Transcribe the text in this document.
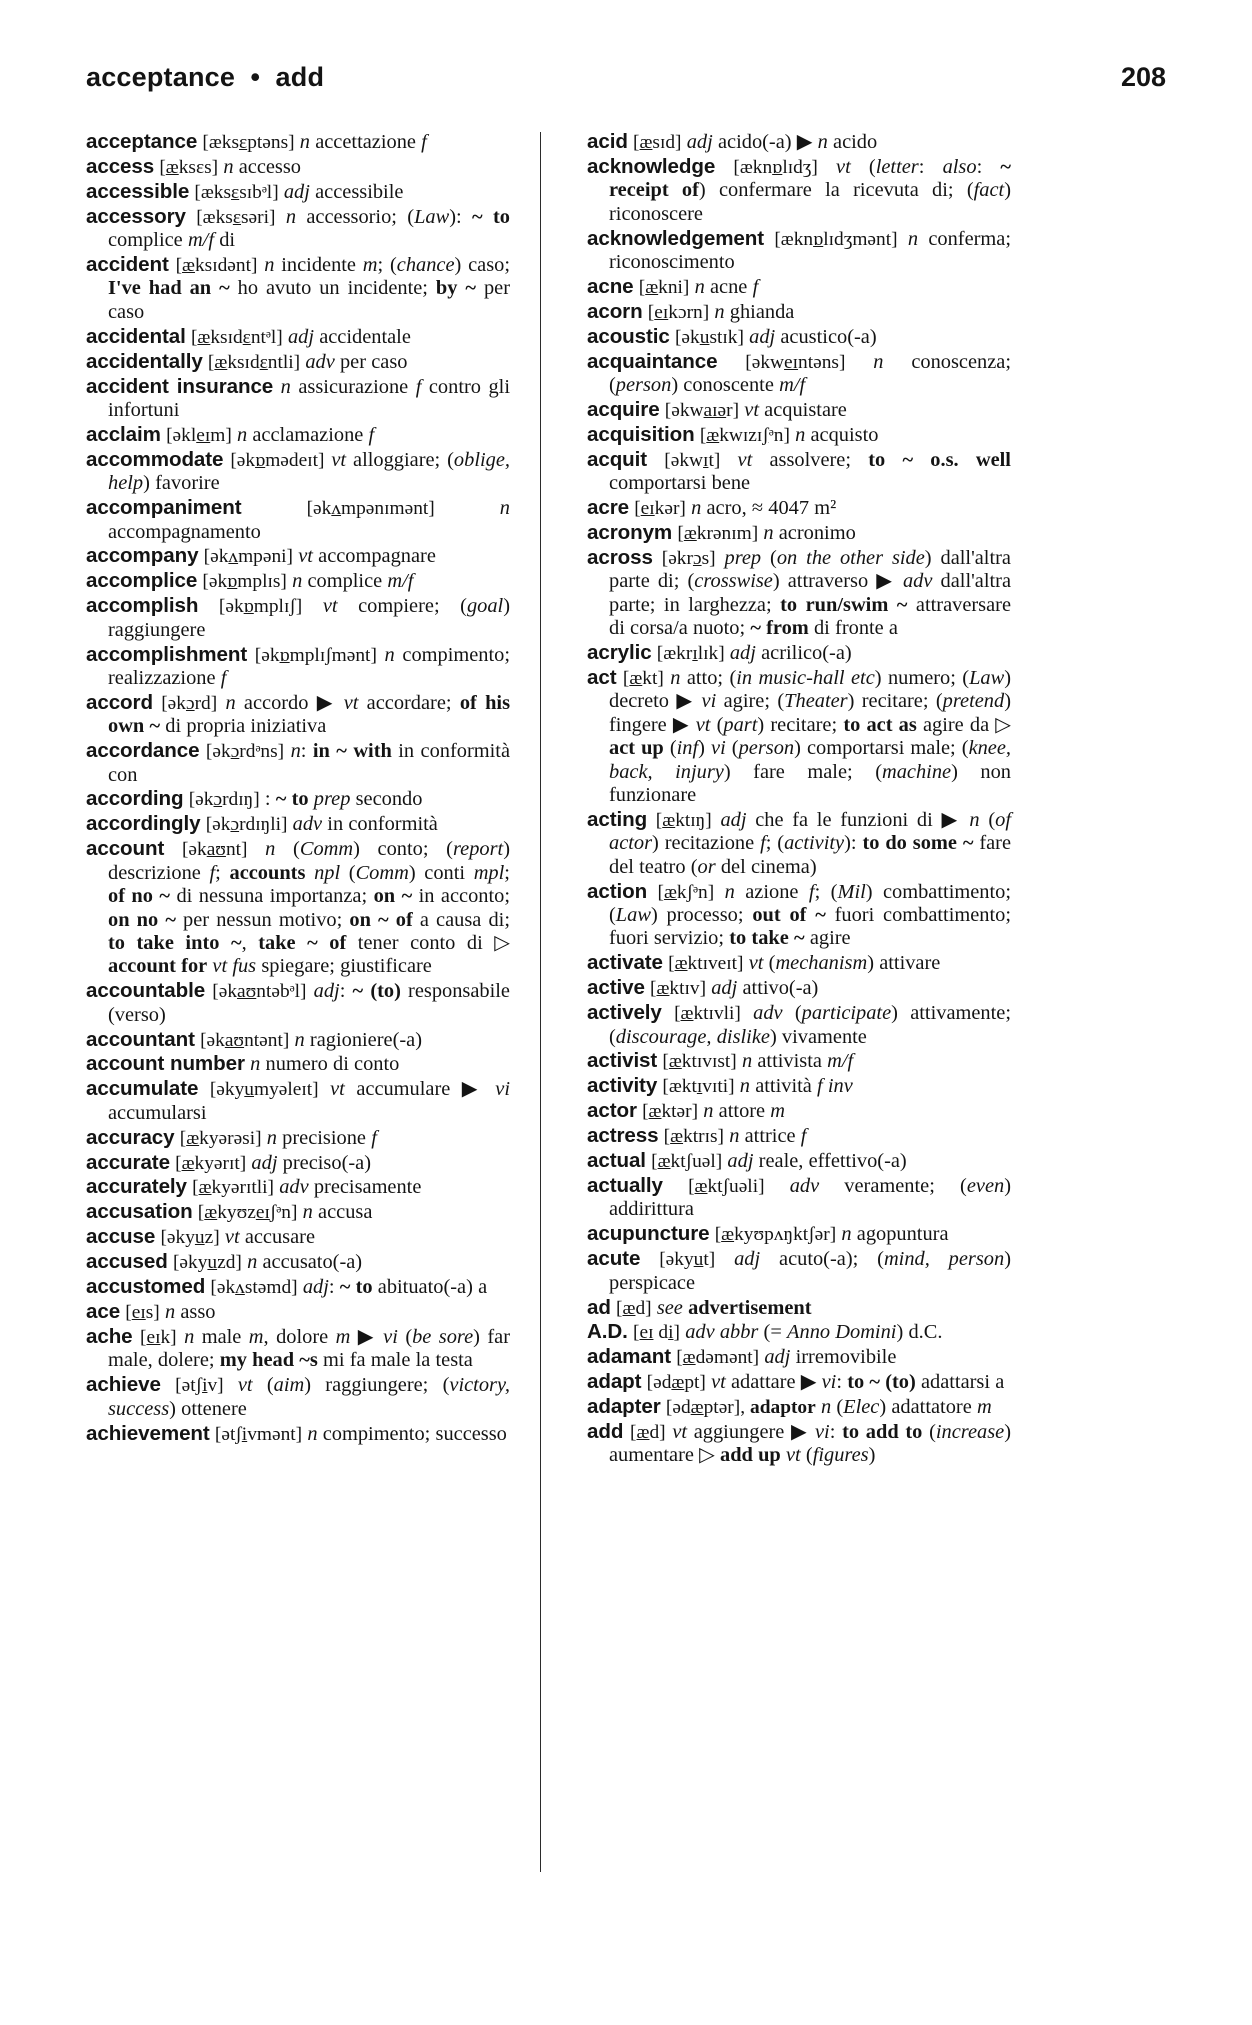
acceptance  •  add	208

acceptance [æksɛptəns] n accettazione f

access [æksɛs] n accesso

accessible [æksɛsɪbᵊl] adj accessibile

accessory [æksɛsəri] n accessorio; (Law): ~ to complice m/f di

accident [æksɪdənt] n incidente m; (chance) caso; I've had an ~ ho avuto un incidente; by ~ per caso

accidental [æksɪdɛntᵊl] adj accidentale

accidentally [æksɪdɛntli] adv per caso

accident insurance n assicurazione f contro gli infortuni

acclaim [əkleɪm] n acclamazione f

accommodate [əkɒmədeɪt] vt alloggiare; (oblige, help) favorire

accompaniment	[əkʌmpənɪmənt]	n accompagnamento

accompany [əkʌmpəni] vt accompagnare

accomplice [əkɒmplɪs] n complice m/f

accomplish [əkɒmplɪʃ] vt compiere; (goal) raggiungere

accomplishment [əkɒmplɪʃmənt] n compimento; realizzazione f

accord [əkɔrd] n accordo ▶ vt accordare; of his own ~ di propria iniziativa

accordance [əkɔrdᵊns] n: in ~ with in conformità con

according [əkɔrdɪŋ] : ~ to prep secondo

accordingly [əkɔrdɪŋli] adv in conformità

account [əkaʊnt] n (Comm) conto; (report) descrizione f; accounts npl (Comm) conti mpl; of no ~ di nessuna importanza; on ~ in acconto; on no ~ per nessun motivo; on ~ of a causa di; to take into ~, take ~ of tener conto di ▷ account for vt fus spiegare; giustificare

accountable [əkaʊntəbᵊl] adj: ~ (to) responsabile (verso)

accountant [əkaʊntənt] n ragioniere(-a)

account number n numero di conto

accumulate [əkyumyəleɪt] vt accumulare ▶ vi accumularsi

accuracy [ækyərəsi] n precisione f

accurate [ækyərɪt] adj preciso(-a)

accurately [ækyərɪtli] adv precisamente

accusation [ækyʊzeɪʃᵊn] n accusa

accuse [əkyuz] vt accusare

accused [əkyuzd] n accusato(-a)

accustomed [əkʌstəmd] adj: ~ to abituato(-a) a

ace [eɪs] n asso

ache [eɪk] n male m, dolore m ▶ vi (be sore) far male, dolere; my head ~s mi fa male la testa

achieve [ətʃiv] vt (aim) raggiungere; (victory, success) ottenere

achievement [ətʃivmənt] n compimento; successo

acid [æsɪd] adj acido(-a) ▶ n acido

acknowledge [æknɒlɪdʒ] vt (letter: also: ~ receipt of) confermare la ricevuta di; (fact) riconoscere

acknowledgement [æknɒlɪdʒmənt] n conferma; riconoscimento

acne [ækni] n acne f

acorn [eɪkɔrn] n ghianda

acoustic [əkustɪk] adj acustico(-a)

acquaintance [əkweɪntəns] n conoscenza; (person) conoscente m/f

acquire [əkwaɪər] vt acquistare

acquisition [ækwɪzɪʃᵊn] n acquisto

acquit [əkwɪt] vt assolvere; to ~ o.s. well comportarsi bene

acre [eɪkər] n acro, ≈ 4047 m²

acronym [ækrənɪm] n acronimo

across [əkrɔs] prep (on the other side) dall'altra parte di; (crosswise) attraverso ▶ adv dall'altra parte; in larghezza; to run/swim ~ attraversare di corsa/a nuoto; ~ from di fronte a

acrylic [ækrɪlɪk] adj acrilico(-a)

act [ækt] n atto; (in music-hall etc) numero; (Law) decreto ▶ vi agire; (Theater) recitare; (pretend) fingere ▶ vt (part) recitare; to act as agire da ▷ act up (inf) vi (person) comportarsi male; (knee, back, injury) fare male; (machine) non funzionare

acting [æktɪŋ] adj che fa le funzioni di ▶ n (of actor) recitazione f; (activity): to do some ~ fare del teatro (or del cinema)

action [ækʃᵊn] n azione f; (Mil) combattimento; (Law) processo; out of ~ fuori combattimento; fuori servizio; to take ~ agire

activate [æktɪveɪt] vt (mechanism) attivare

active [æktɪv] adj attivo(-a)

actively [æktɪvli] adv (participate) attivamente; (discourage, dislike) vivamente

activist [æktɪvɪst] n attivista m/f

activity [æktɪvɪti] n attività f inv

actor [æktər] n attore m

actress [æktrɪs] n attrice f

actual [æktʃuəl] adj reale, effettivo(-a)

actually [æktʃuəli] adv veramente; (even) addirittura

acupuncture [ækyʊpʌŋktʃər] n agopuntura

acute [əkyut] adj acuto(-a); (mind, person) perspicace

ad [æd] see advertisement

A.D. [eɪ di] adv abbr (= Anno Domini) d.C.

adamant [ædəmənt] adj irremovibile

adapt [ədæpt] vt adattare ▶ vi: to ~ (to) adattarsi a

adapter [ədæptər], adaptor n (Elec) adattatore m

add [æd] vt aggiungere ▶ vi: to add to (increase) aumentare ▷ add up vt (figures)
